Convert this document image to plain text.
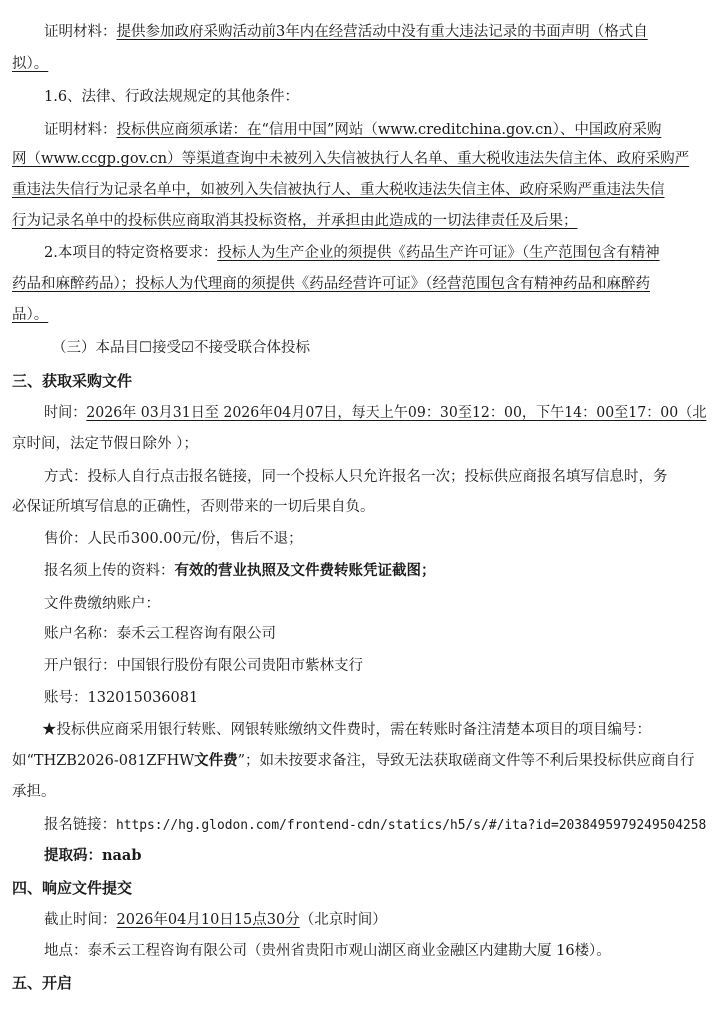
证明材料：提供参加政府采购活动前3年内在经营活动中没有重大违法记录的书面声明（格式自
拟）。
1.6、法律、行政法规规定的其他条件：
证明材料：投标供应商须承诺：在“信用中国”网站（www.creditchina.gov.cn）、中国政府采购
网（www.ccgp.gov.cn）等渠道查询中未被列入失信被执行人名单、重大税收违法失信主体、政府采购严
重违法失信行为记录名单中，如被列入失信被执行人、重大税收违法失信主体、政府采购严重违法失信
行为记录名单中的投标供应商取消其投标资格，并承担由此造成的一切法律责任及后果；
2.本项目的特定资格要求：投标人为生产企业的须提供《药品生产许可证》（生产范围包含有精神
药品和麻醉药品）；投标人为代理商的须提供《药品经营许可证》（经营范围包含有精神药品和麻醉药
品）。
（三）本品目☐接受☑不接受联合体投标
三、获取采购文件
时间：2026年 03月31日至 2026年04月07日，每天上午09：30至12：00，下午14：00至17：00（北
京时间，法定节假日除外 ）；
方式：投标人自行点击报名链接，同一个投标人只允许报名一次；投标供应商报名填写信息时，务
必保证所填写信息的正确性，否则带来的一切后果自负。
售价：人民币300.00元/份，售后不退；
报名须上传的资料：有效的营业执照及文件费转账凭证截图；
文件费缴纳账户：
账户名称：泰禾云工程咨询有限公司
开户银行：中国银行股份有限公司贵阳市紫林支行
账号：132015036081
★投标供应商采用银行转账、网银转账缴纳文件费时，需在转账时备注清楚本项目的项目编号：
如“THZB2026-081ZFHW文件费”；如未按要求备注，导致无法获取磋商文件等不利后果投标供应商自行
承担。
报名链接：https://hg.glodon.com/frontend-cdn/statics/h5/s/#/ita?id=2038495979249504258
提取码：naab
四、响应文件提交
截止时间：2026年04月10日15点30分（北京时间）
地点：泰禾云工程咨询有限公司（贵州省贵阳市观山湖区商业金融区内建勘大厦 16楼）。
五、开启
